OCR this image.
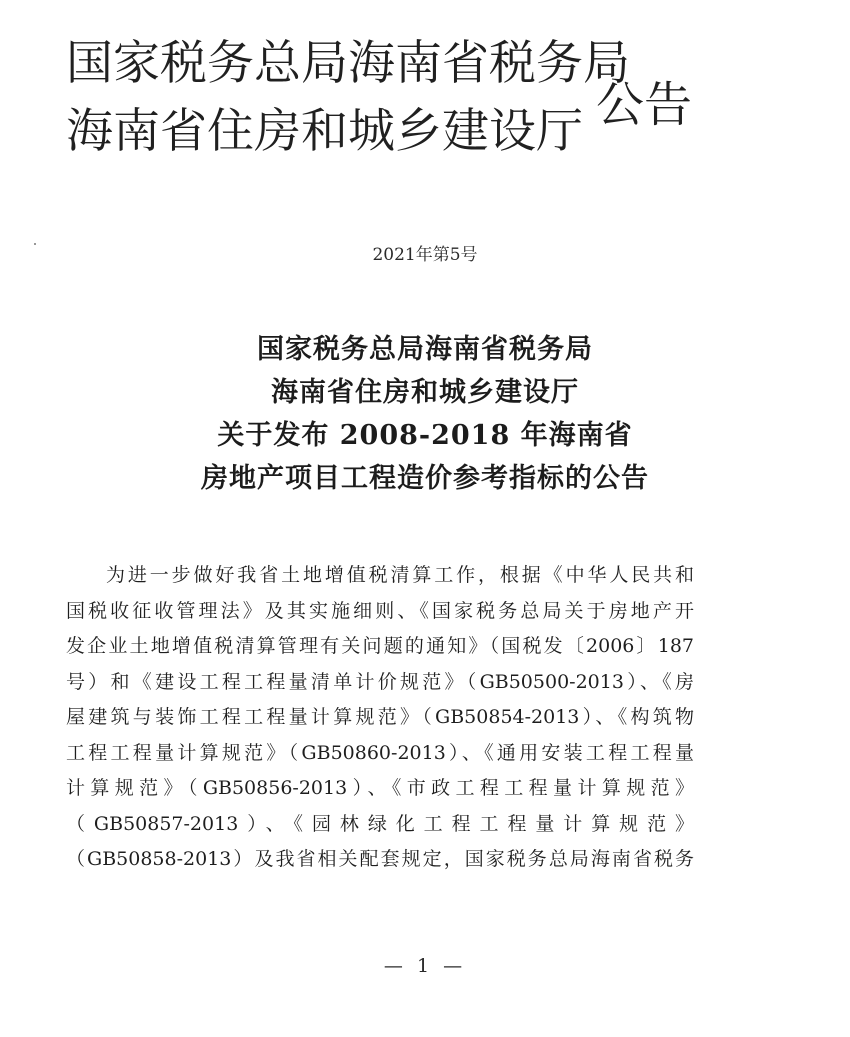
国家税务总局海南省税务局
海南省住房和城乡建设厅 公告
2021年第5号
国家税务总局海南省税务局
海南省住房和城乡建设厅
关于发布 2008-2018 年海南省
房地产项目工程造价参考指标的公告
为进一步做好我省土地增值税清算工作，根据《中华人民共和
国税收征收管理法》及其实施细则、《国家税务总局关于房地产开
发企业土地增值税清算管理有关问题的通知》（国税发〔2006〕187
号）和《建设工程工程量清单计价规范》（GB50500-2013）、《房
屋建筑与装饰工程工程量计算规范》（GB50854-2013）、《构筑物
工程工程量计算规范》（GB50860-2013）、《通用安装工程工程量
计算规范》（GB50856-2013）、《市政工程工程量计算规范》
（GB50857-2013）、《园林绿化工程工程量计算规范》
（GB50858-2013）及我省相关配套规定，国家税务总局海南省税务
— 1 —
